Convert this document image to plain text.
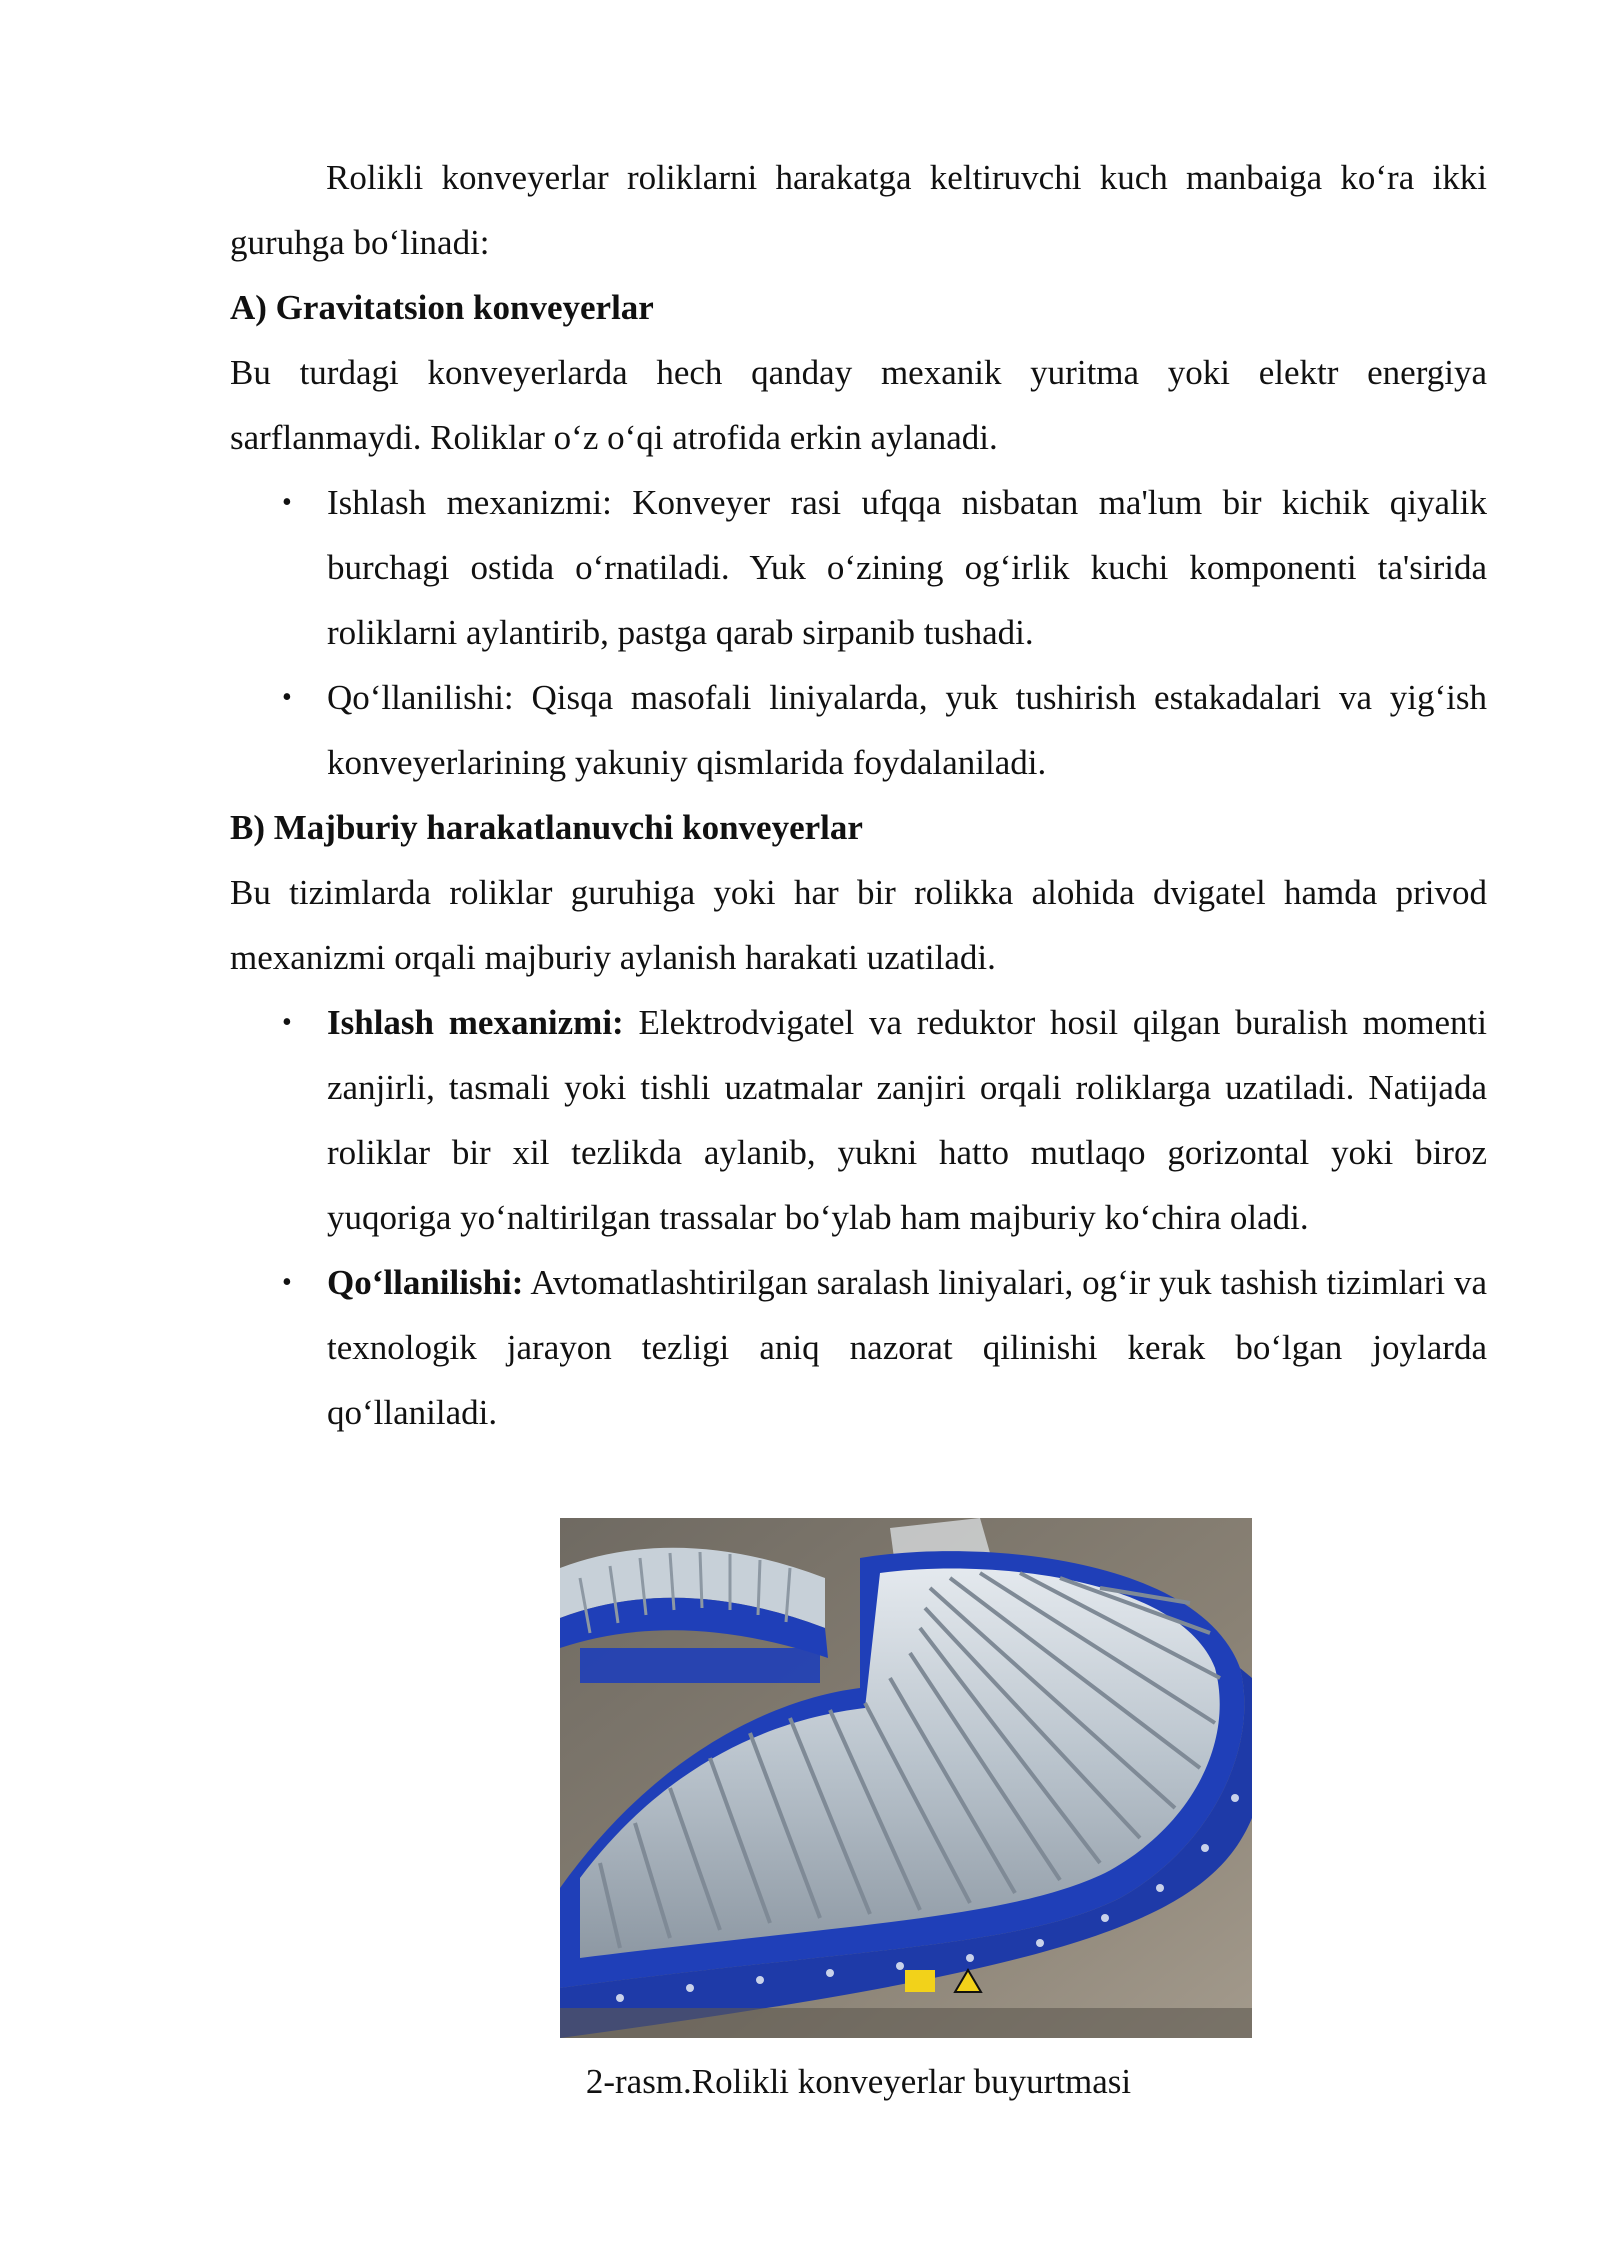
Rolikli konveyerlar roliklarni harakatga keltiruvchi kuch manbaiga koʻra ikki guruhga boʻlinadi:

A) Gravitatsion konveyerlar

Bu turdagi konveyerlarda hech qanday mexanik yuritma yoki elektr energiya sarflanmaydi. Roliklar oʻz oʻqi atrofida erkin aylanadi.

• Ishlash mexanizmi: Konveyer rasi ufqqa nisbatan ma'lum bir kichik qiyalik burchagi ostida oʻrnatiladi. Yuk oʻzining ogʻirlik kuchi komponenti ta'sirida roliklarni aylantirib, pastga qarab sirpanib tushadi.
• Qoʻllanilishi: Qisqa masofali liniyalarda, yuk tushirish estakadalari va yigʻish konveyerlarining yakuniy qismlarida foydalaniladi.

B) Majburiy harakatlanuvchi konveyerlar

Bu tizimlarda roliklar guruhiga yoki har bir rolikka alohida dvigatel hamda privod mexanizmi orqali majburiy aylanish harakati uzatiladi.

• Ishlash mexanizmi: Elektrodvigatel va reduktor hosil qilgan buralish momenti zanjirli, tasmali yoki tishli uzatmalar zanjiri orqali roliklarga uzatiladi. Natijada roliklar bir xil tezlikda aylanib, yukni hatto mutlaqo gorizontal yoki biroz yuqoriga yoʻnaltirilgan trassalar boʻylab ham majburiy koʻchira oladi.
• Qoʻllanilishi: Avtomatlashtirilgan saralash liniyalari, ogʻir yuk tashish tizimlari va texnologik jarayon tezligi aniq nazorat qilinishi kerak boʻlgan joylarda qoʻllaniladi.

2-rasm.Rolikli konveyerlar buyurtmasi
